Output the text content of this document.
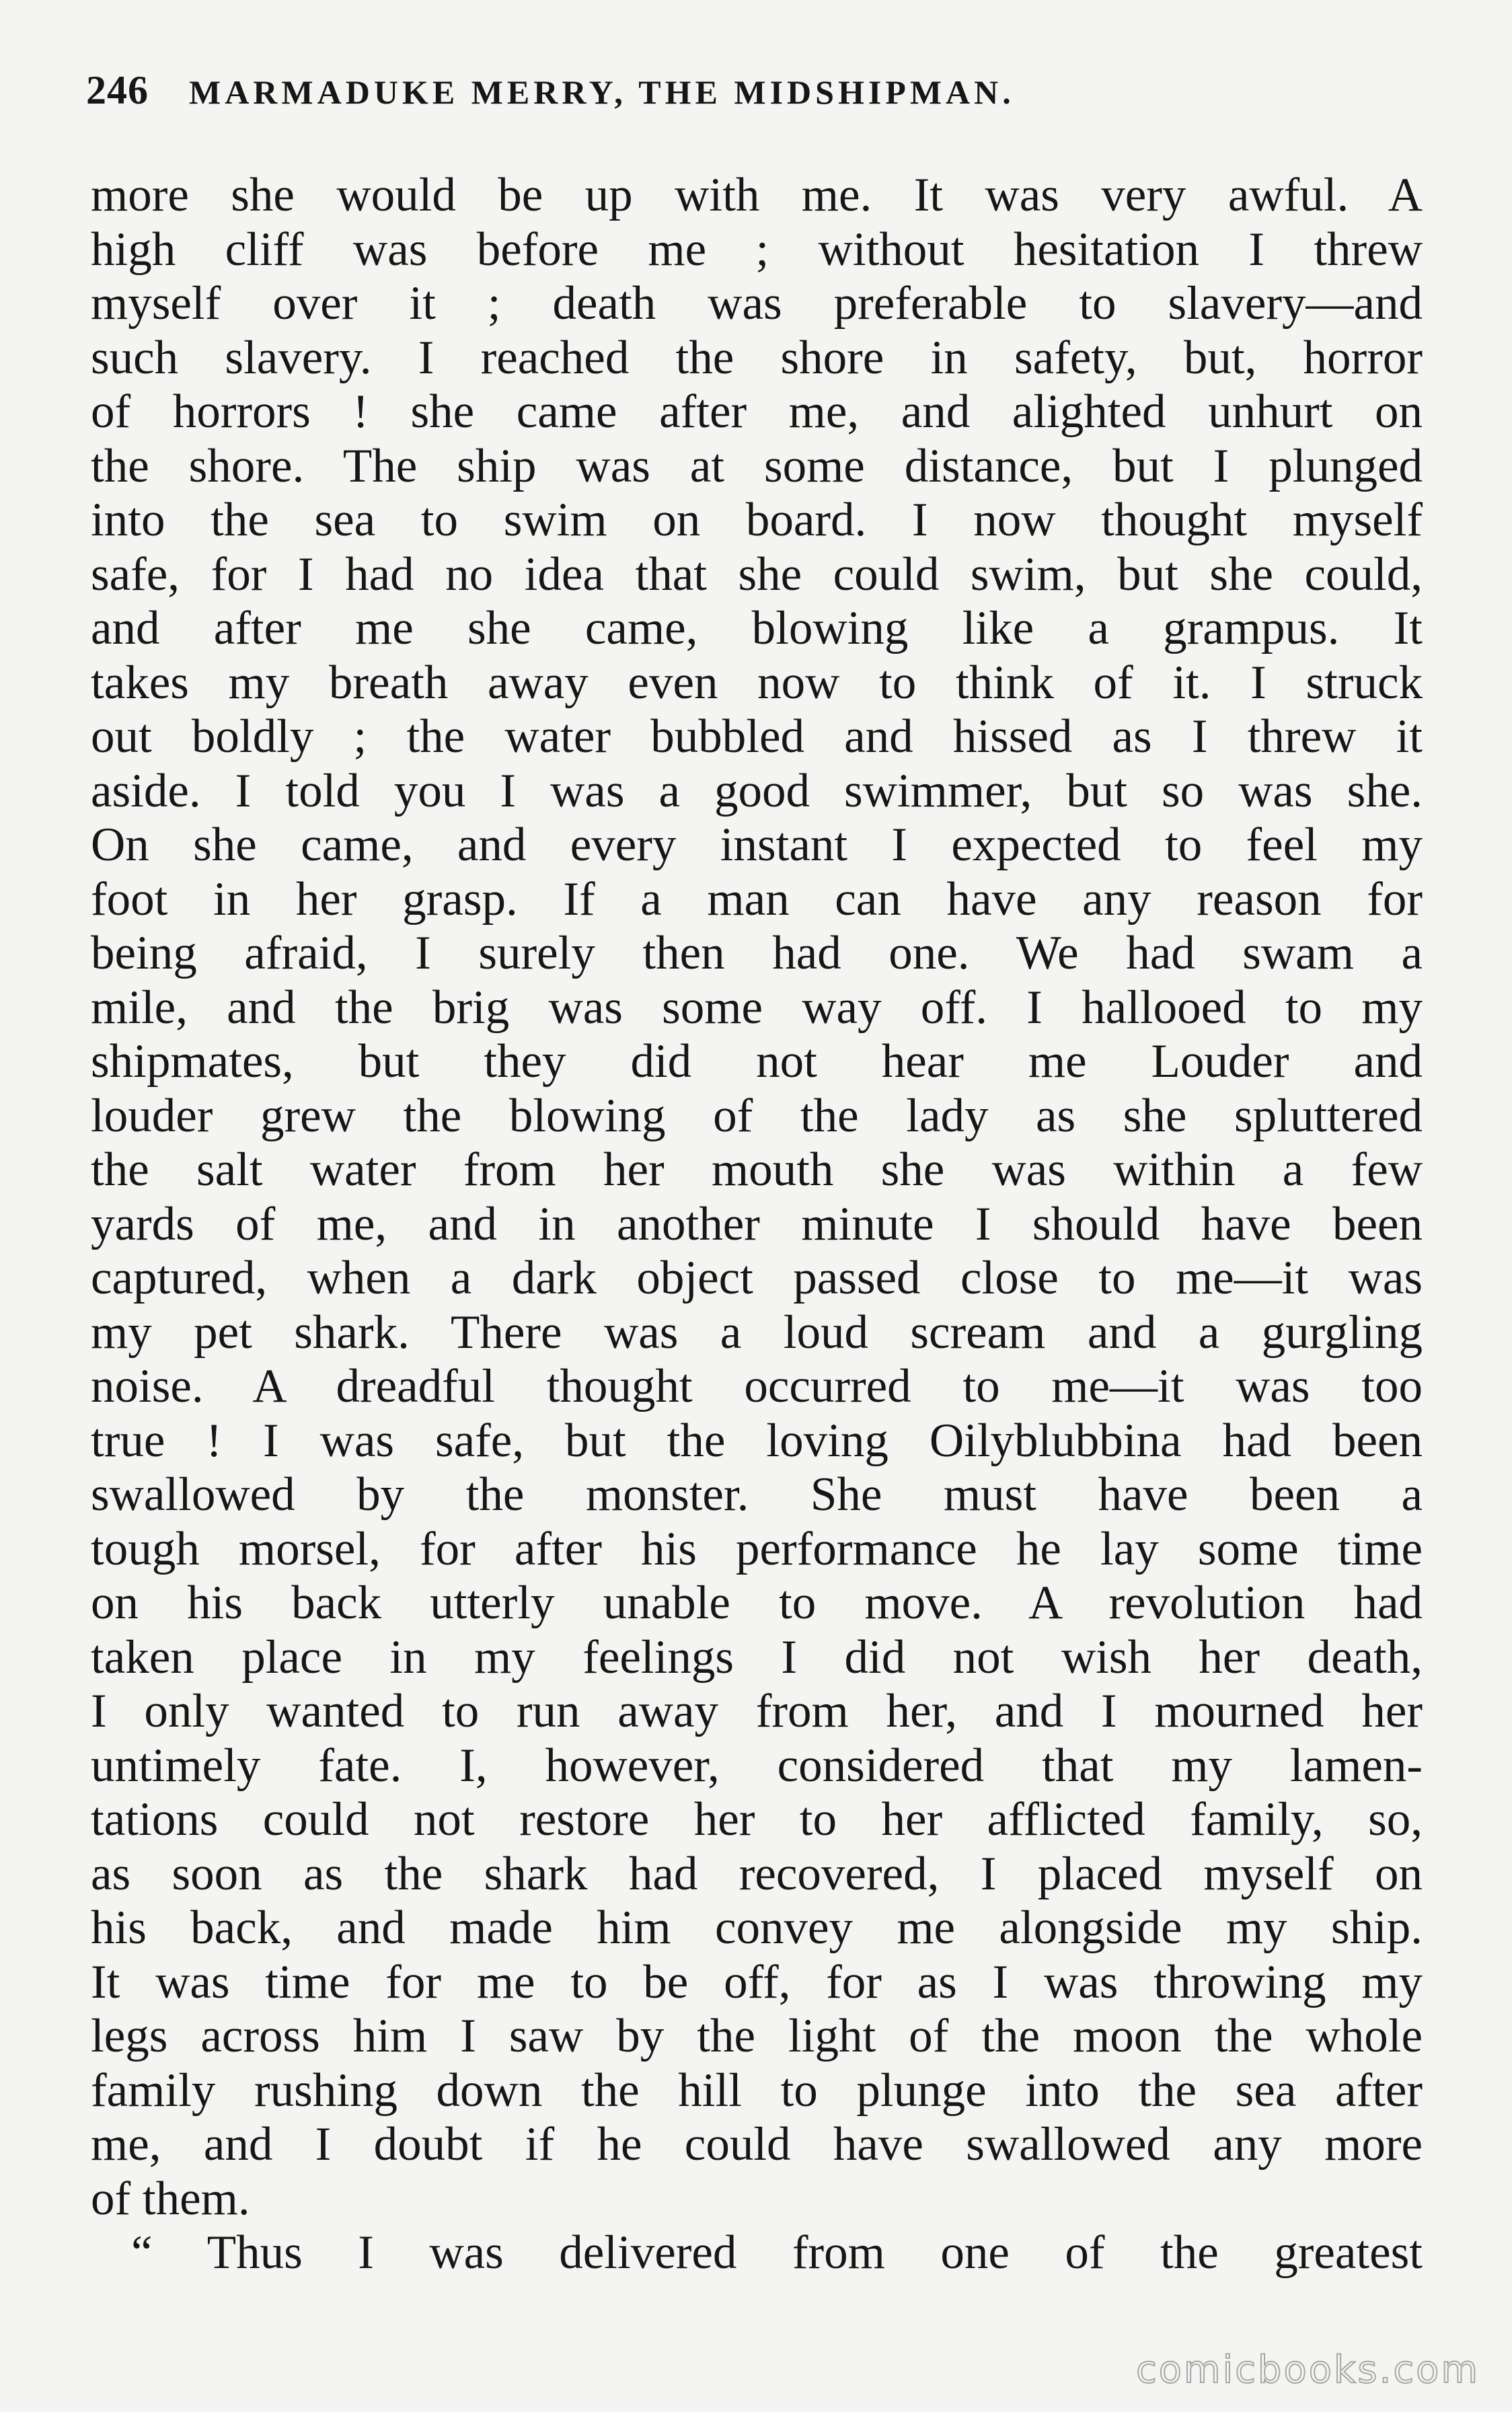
246 MARMADUKE MERRY, THE MIDSHIPMAN.
more she would be up with me. It was very awful. A
high cliff was before me ; without hesitation I threw
myself over it ; death was preferable to slavery—and
such slavery. I reached the shore in safety, but, horror
of horrors ! she came after me, and alighted unhurt on
the shore. The ship was at some distance, but I plunged
into the sea to swim on board. I now thought myself
safe, for I had no idea that she could swim, but she could,
and after me she came, blowing like a grampus. It
takes my breath away even now to think of it. I struck
out boldly ; the water bubbled and hissed as I threw it
aside. I told you I was a good swimmer, but so was she.
On she came, and every instant I expected to feel my
foot in her grasp. If a man can have any reason for
being afraid, I surely then had one. We had swam a
mile, and the brig was some way off. I hallooed to my
shipmates, but they did not hear me Louder and
louder grew the blowing of the lady as she spluttered
the salt water from her mouth she was within a few
yards of me, and in another minute I should have been
captured, when a dark object passed close to me—it was
my pet shark. There was a loud scream and a gurgling
noise. A dreadful thought occurred to me—it was too
true ! I was safe, but the loving Oilyblubbina had been
swallowed by the monster. She must have been a
tough morsel, for after his performance he lay some time
on his back utterly unable to move. A revolution had
taken place in my feelings I did not wish her death,
I only wanted to run away from her, and I mourned her
untimely fate. I, however, considered that my lamen-
tations could not restore her to her afflicted family, so,
as soon as the shark had recovered, I placed myself on
his back, and made him convey me alongside my ship.
It was time for me to be off, for as I was throwing my
legs across him I saw by the light of the moon the whole
family rushing down the hill to plunge into the sea after
me, and I doubt if he could have swallowed any more
of them.
“ Thus I was delivered from one of the greatest
comicbooks.com
